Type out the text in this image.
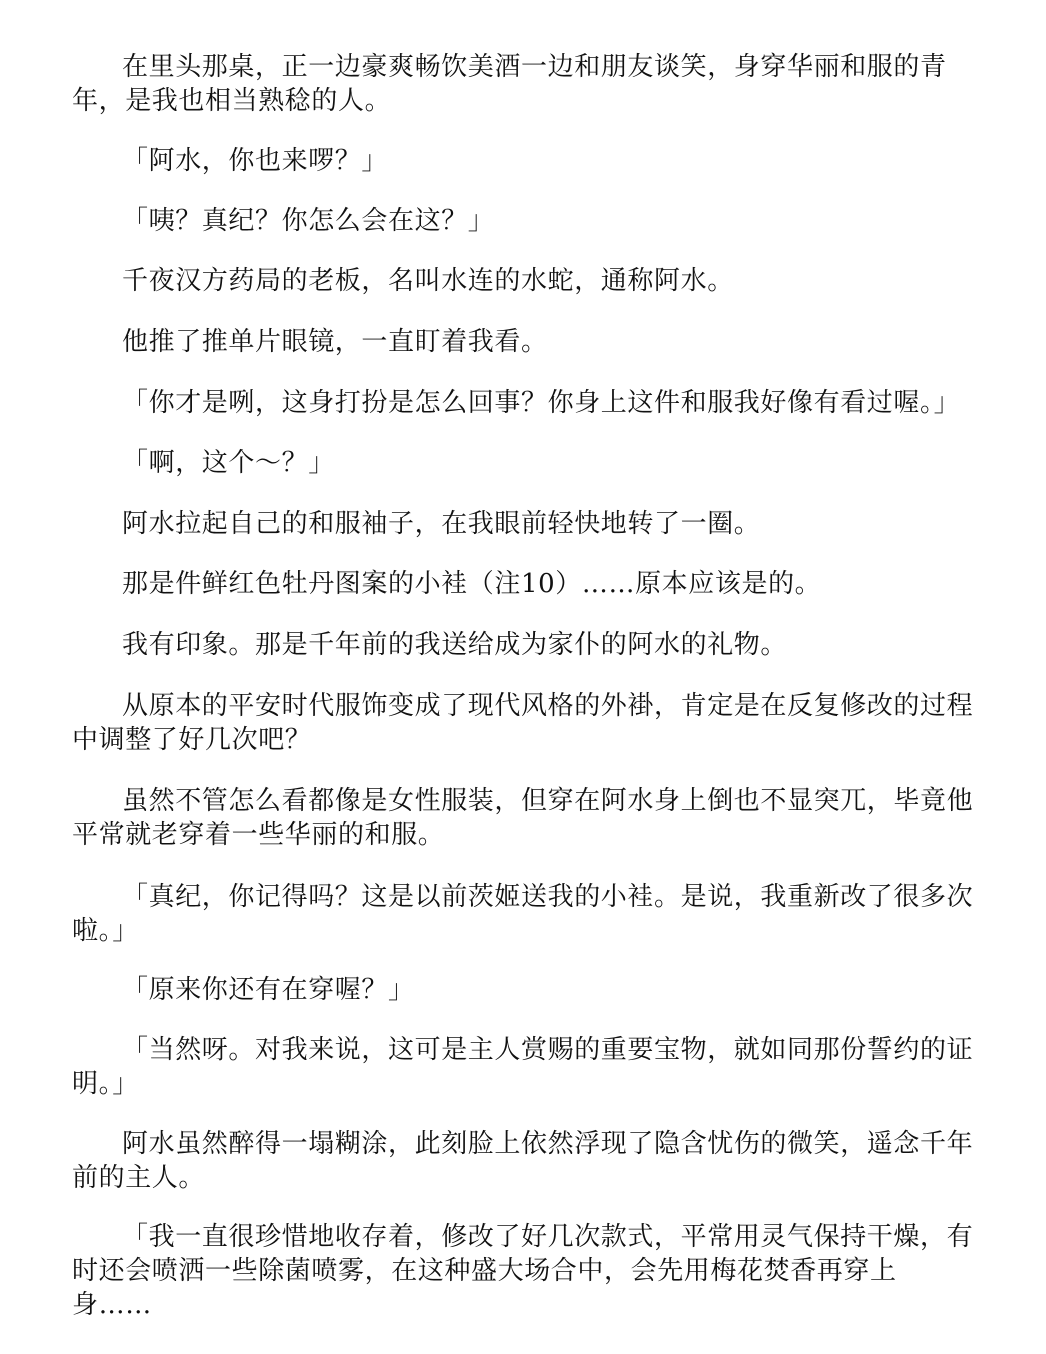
在里头那桌，正一边豪爽畅饮美酒一边和朋友谈笑，身穿华丽和服的青年，是我也相当熟稔的人。

「阿水，你也来啰？」

「咦？真纪？你怎么会在这？」

千夜汉方药局的老板，名叫水连的水蛇，通称阿水。

他推了推单片眼镜，一直盯着我看。

「你才是咧，这身打扮是怎么回事？你身上这件和服我好像有看过喔。」

「啊，这个～？」

阿水拉起自己的和服袖子，在我眼前轻快地转了一圈。

那是件鲜红色牡丹图案的小袿（注10）……原本应该是的。

我有印象。那是千年前的我送给成为家仆的阿水的礼物。

从原本的平安时代服饰变成了现代风格的外褂，肯定是在反复修改的过程中调整了好几次吧？

虽然不管怎么看都像是女性服装，但穿在阿水身上倒也不显突兀，毕竟他平常就老穿着一些华丽的和服。

「真纪，你记得吗？这是以前茨姬送我的小袿。是说，我重新改了很多次啦。」

「原来你还有在穿喔？」

「当然呀。对我来说，这可是主人赏赐的重要宝物，就如同那份誓约的证明。」

阿水虽然醉得一塌糊涂，此刻脸上依然浮现了隐含忧伤的微笑，遥念千年前的主人。

「我一直很珍惜地收存着，修改了好几次款式，平常用灵气保持干燥，有时还会喷洒一些除菌喷雾，在这种盛大场合中，会先用梅花焚香再穿上身……
